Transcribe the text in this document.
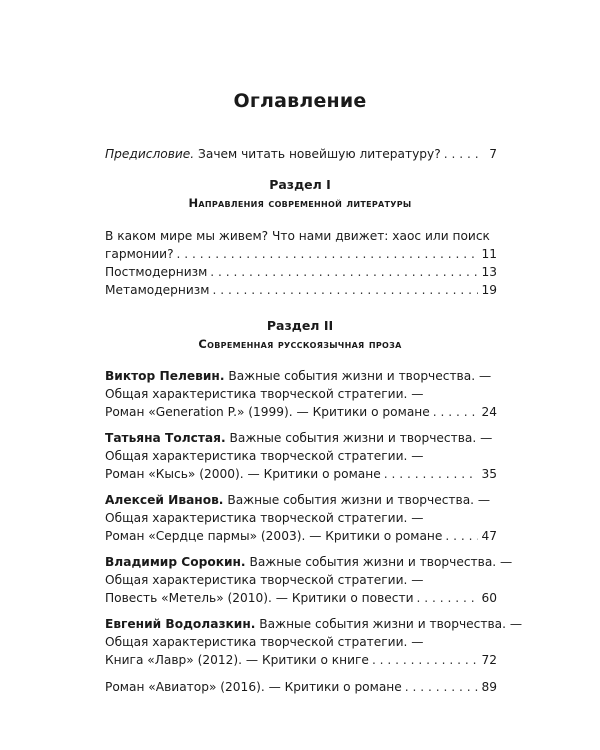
Оглавление
Предисловие. Зачем читать новейшую литературу? . . .	7
Раздел I
Направления современной литературы
В каком мире мы живем? Что нами движет: хаос или поиск
гармонии? . . .	11
Постмодернизм . . .	13
Метамодернизм . . .	19
Раздел II
Современная русскоязычная проза
Виктор Пелевин. Важные события жизни и творчества. —
Общая характеристика творческой стратегии. —
Роман «Generation P.» (1999). — Критики о романе . . .	24
Татьяна Толстая. Важные события жизни и творчества. —
Общая характеристика творческой стратегии. —
Роман «Кысь» (2000). — Критики о романе . . .	35
Алексей Иванов. Важные события жизни и творчества. —
Общая характеристика творческой стратегии. —
Роман «Сердце пармы» (2003). — Критики о романе . . .	47
Владимир Сорокин. Важные события жизни и творчества. —
Общая характеристика творческой стратегии. —
Повесть «Метель» (2010). — Критики о повести . . .	60
Евгений Водолазкин. Важные события жизни и творчества. —
Общая характеристика творческой стратегии. —
Книга «Лавр» (2012). — Критики о книге . . .	72
Роман «Авиатор» (2016). — Критики о романе . . .	89
